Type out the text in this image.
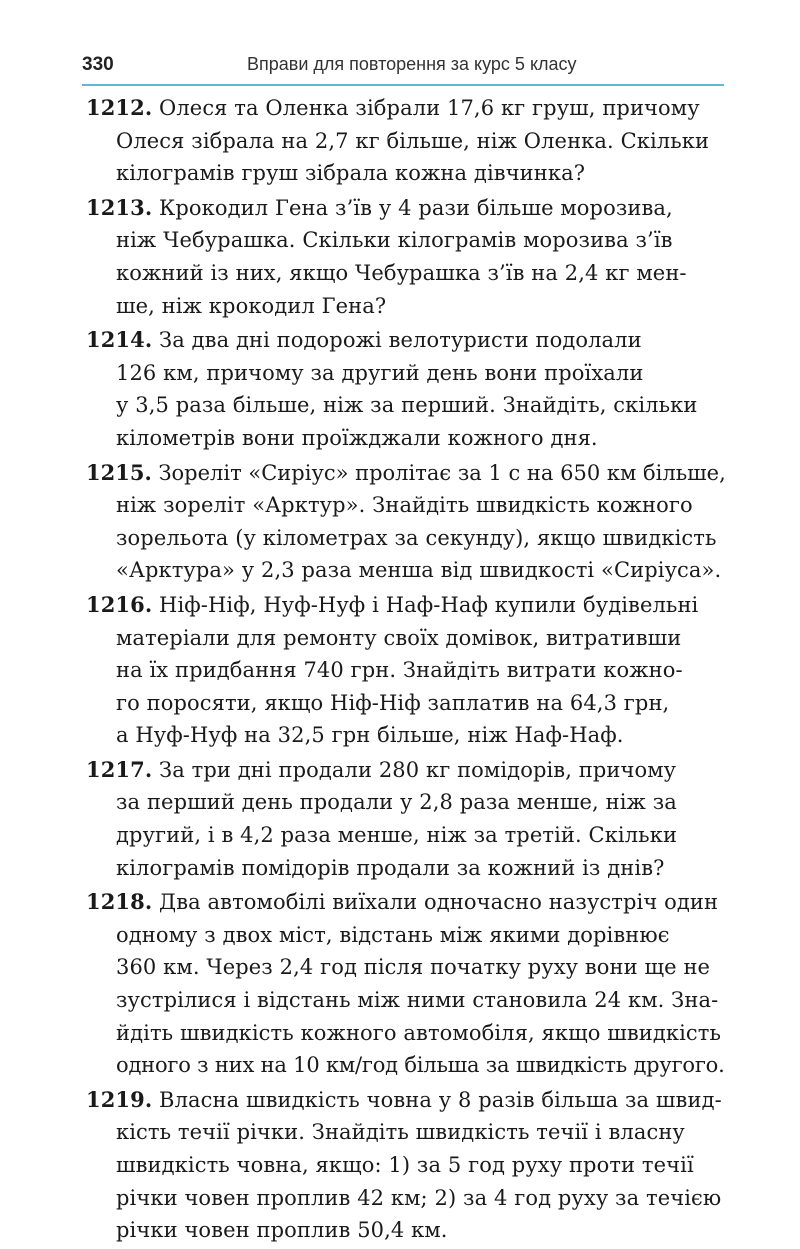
330	Вправи для повторення за курс 5 класу
1212. Олеся та Оленка зібрали 17,6 кг груш, причому
Олеся зібрала на 2,7 кг більше, ніж Оленка. Скільки
кілограмів груш зібрала кожна дівчинка?
1213. Крокодил Гена з’їв у 4 рази більше морозива,
ніж Чебурашка. Скільки кілограмів морозива з’їв
кожний із них, якщо Чебурашка з’їв на 2,4 кг мен-
ше, ніж крокодил Гена?
1214. За два дні подорожі велотуристи подолали
126 км, причому за другий день вони проїхали
у 3,5 раза більше, ніж за перший. Знайдіть, скільки
кілометрів вони проїжджали кожного дня.
1215. Зореліт «Сиріус» пролітає за 1 с на 650 км більше,
ніж зореліт «Арктур». Знайдіть швидкість кожного
зорельота (у кілометрах за секунду), якщо швидкість
«Арктура» у 2,3 раза менша від швидкості «Сиріуса».
1216. Ніф-Ніф, Нуф-Нуф і Наф-Наф купили будівельні
матеріали для ремонту своїх домівок, витративши
на їх придбання 740 грн. Знайдіть витрати кожно-
го поросяти, якщо Ніф-Ніф заплатив на 64,3 грн,
а Нуф-Нуф на 32,5 грн більше, ніж Наф-Наф.
1217. За три дні продали 280 кг помідорів, причому
за перший день продали у 2,8 раза менше, ніж за
другий, і в 4,2 раза менше, ніж за третій. Скільки
кілограмів помідорів продали за кожний із днів?
1218. Два автомобілі виїхали одночасно назустріч один
одному з двох міст, відстань між якими дорівнює
360 км. Через 2,4 год після початку руху вони ще не
зустрілися і відстань між ними становила 24 км. Зна-
йдіть швидкість кожного автомобіля, якщо швидкість
одного з них на 10 км/год більша за швидкість другого.
1219. Власна швидкість човна у 8 разів більша за швид-
кість течії річки. Знайдіть швидкість течії і власну
швидкість човна, якщо: 1) за 5 год руху проти течії
річки човен проплив 42 км; 2) за 4 год руху за течією
річки човен проплив 50,4 км.
